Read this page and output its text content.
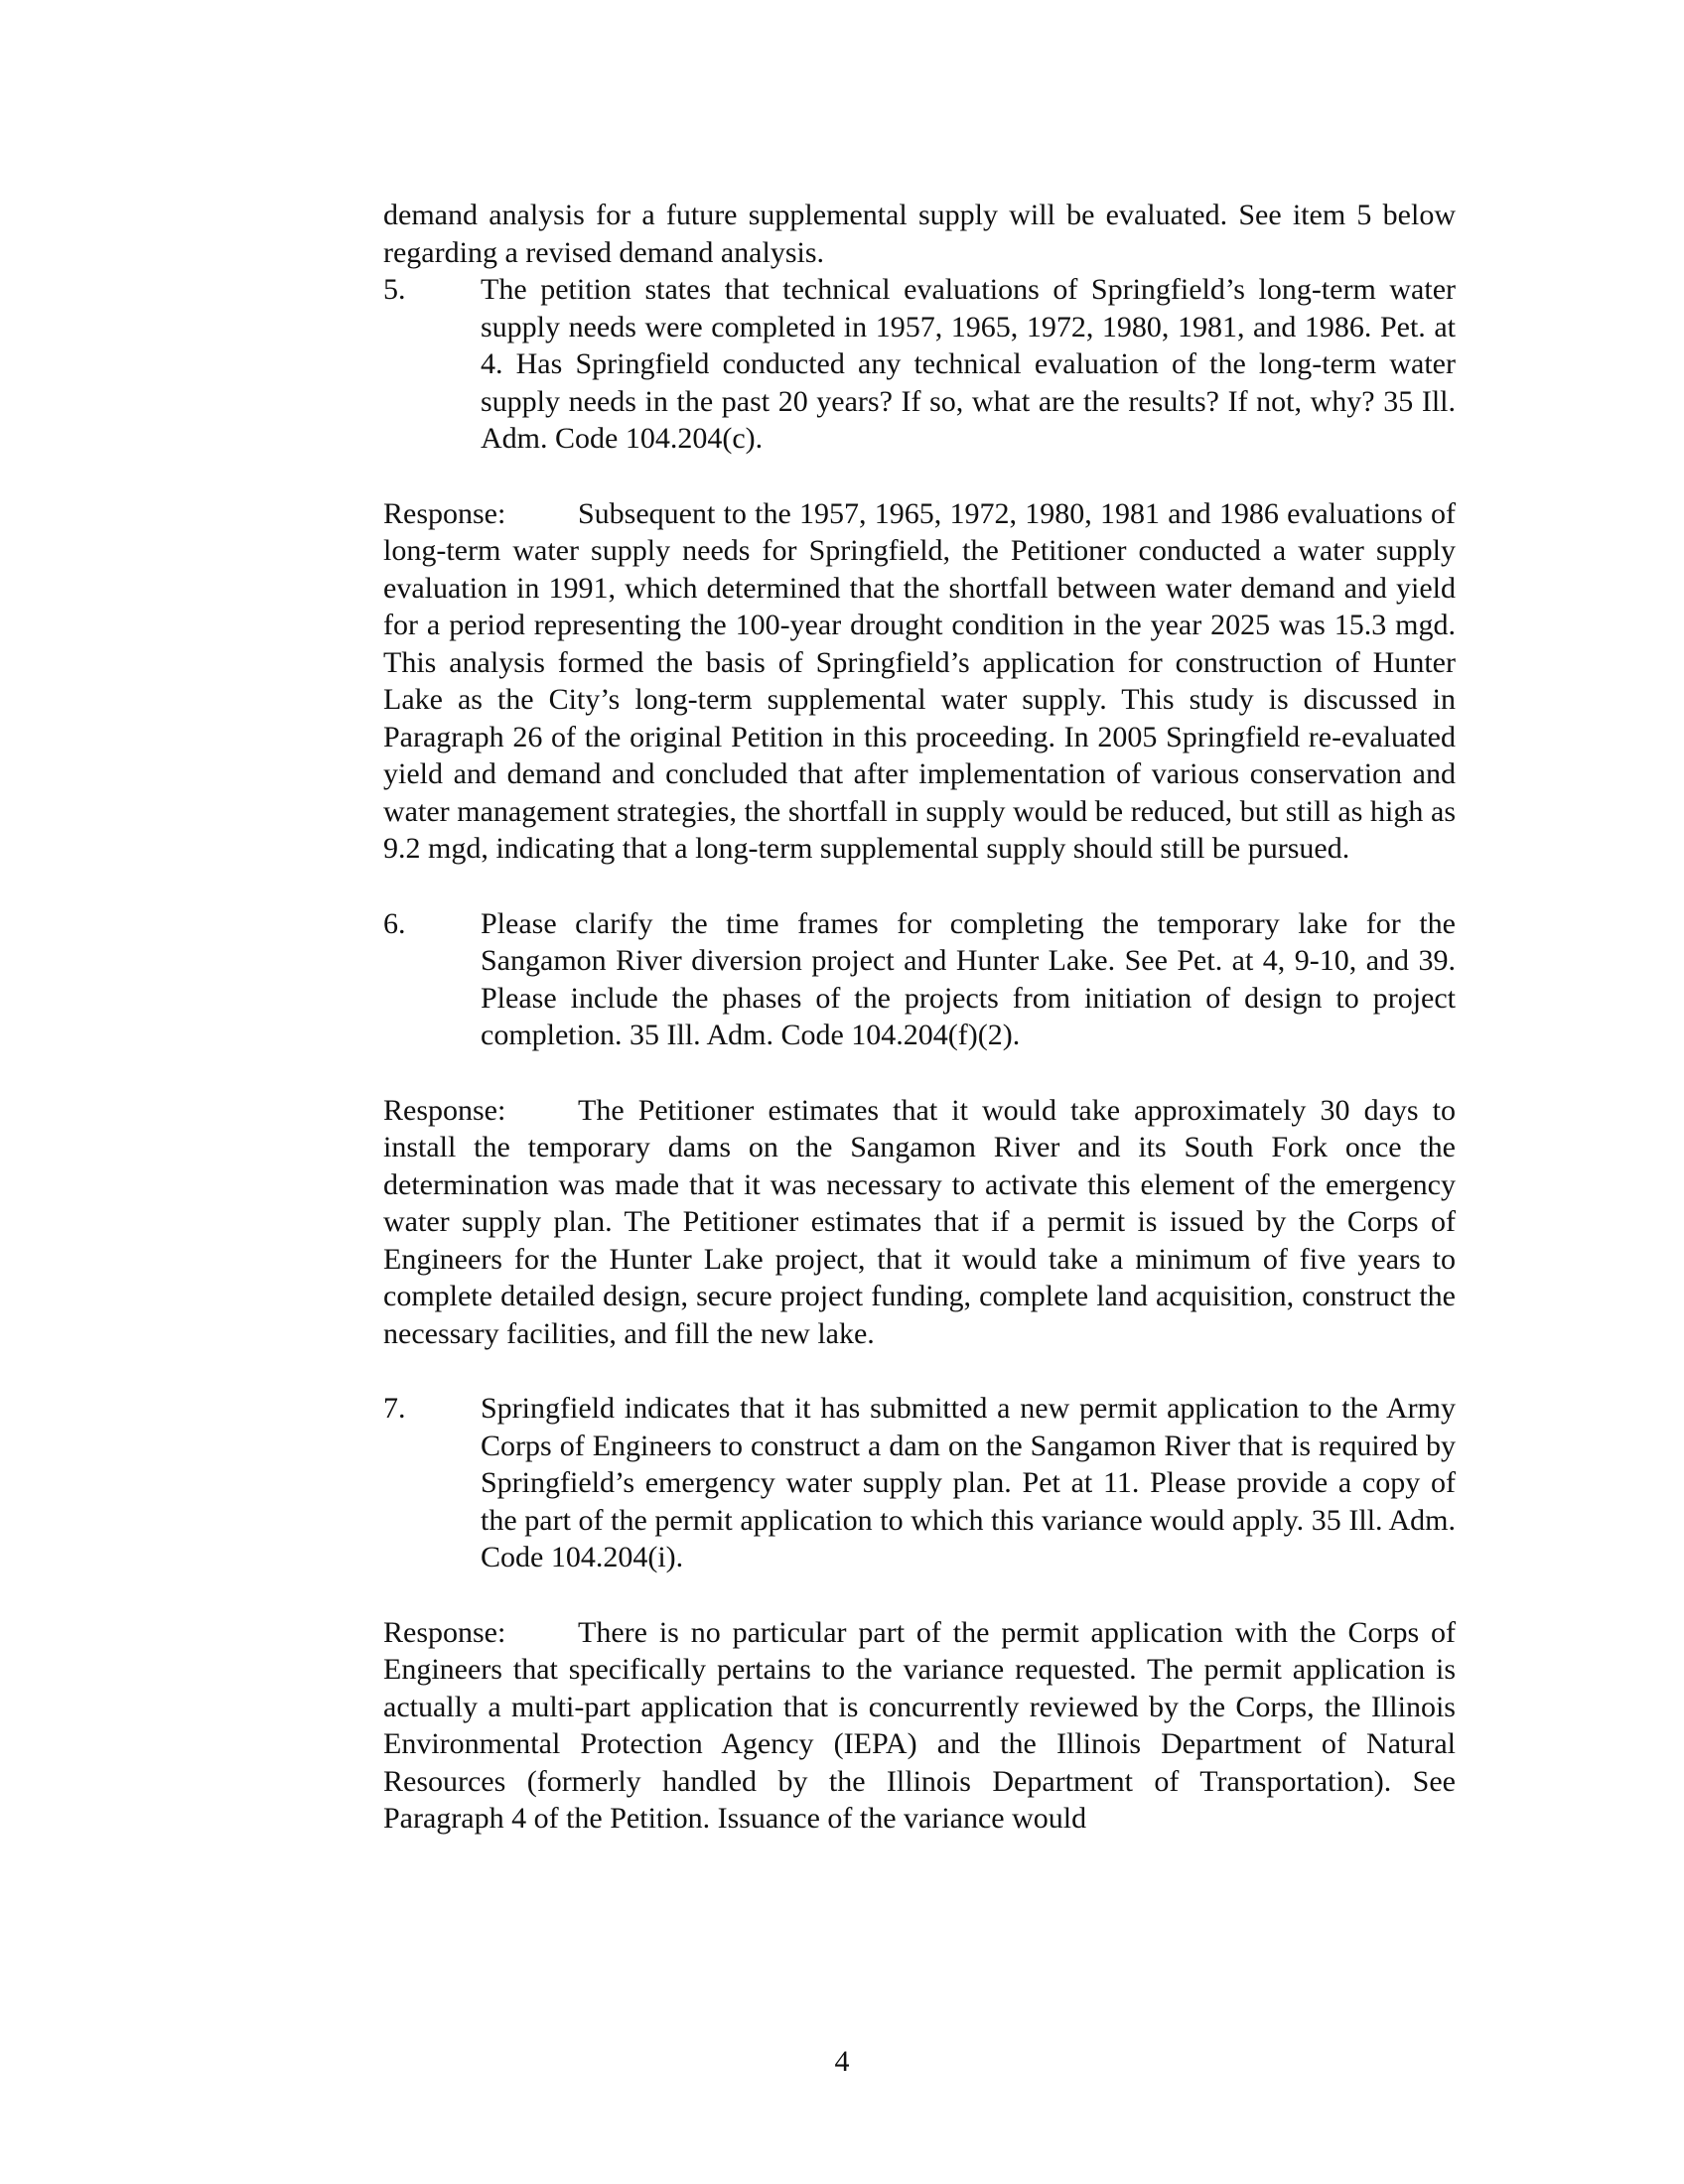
demand analysis for a future supplemental supply will be evaluated. See item 5 below regarding a revised demand analysis.

5.	The petition states that technical evaluations of Springfield’s long-term water supply needs were completed in 1957, 1965, 1972, 1980, 1981, and 1986. Pet. at 4. Has Springfield conducted any technical evaluation of the long-term water supply needs in the past 20 years? If so, what are the results? If not, why? 35 Ill. Adm. Code 104.204(c).

Response: Subsequent to the 1957, 1965, 1972, 1980, 1981 and 1986 evaluations of long-term water supply needs for Springfield, the Petitioner conducted a water supply evaluation in 1991, which determined that the shortfall between water demand and yield for a period representing the 100-year drought condition in the year 2025 was 15.3 mgd. This analysis formed the basis of Springfield’s application for construction of Hunter Lake as the City’s long-term supplemental water supply. This study is discussed in Paragraph 26 of the original Petition in this proceeding. In 2005 Springfield re-evaluated yield and demand and concluded that after implementation of various conservation and water management strategies, the shortfall in supply would be reduced, but still as high as 9.2 mgd, indicating that a long-term supplemental supply should still be pursued.

6.	Please clarify the time frames for completing the temporary lake for the Sangamon River diversion project and Hunter Lake. See Pet. at 4, 9-10, and 39. Please include the phases of the projects from initiation of design to project completion. 35 Ill. Adm. Code 104.204(f)(2).

Response: The Petitioner estimates that it would take approximately 30 days to install the temporary dams on the Sangamon River and its South Fork once the determination was made that it was necessary to activate this element of the emergency water supply plan. The Petitioner estimates that if a permit is issued by the Corps of Engineers for the Hunter Lake project, that it would take a minimum of five years to complete detailed design, secure project funding, complete land acquisition, construct the necessary facilities, and fill the new lake.

7.	Springfield indicates that it has submitted a new permit application to the Army Corps of Engineers to construct a dam on the Sangamon River that is required by Springfield’s emergency water supply plan. Pet at 11. Please provide a copy of the part of the permit application to which this variance would apply. 35 Ill. Adm. Code 104.204(i).

Response: There is no particular part of the permit application with the Corps of Engineers that specifically pertains to the variance requested. The permit application is actually a multi-part application that is concurrently reviewed by the Corps, the Illinois Environmental Protection Agency (IEPA) and the Illinois Department of Natural Resources (formerly handled by the Illinois Department of Transportation). See Paragraph 4 of the Petition. Issuance of the variance would

4
